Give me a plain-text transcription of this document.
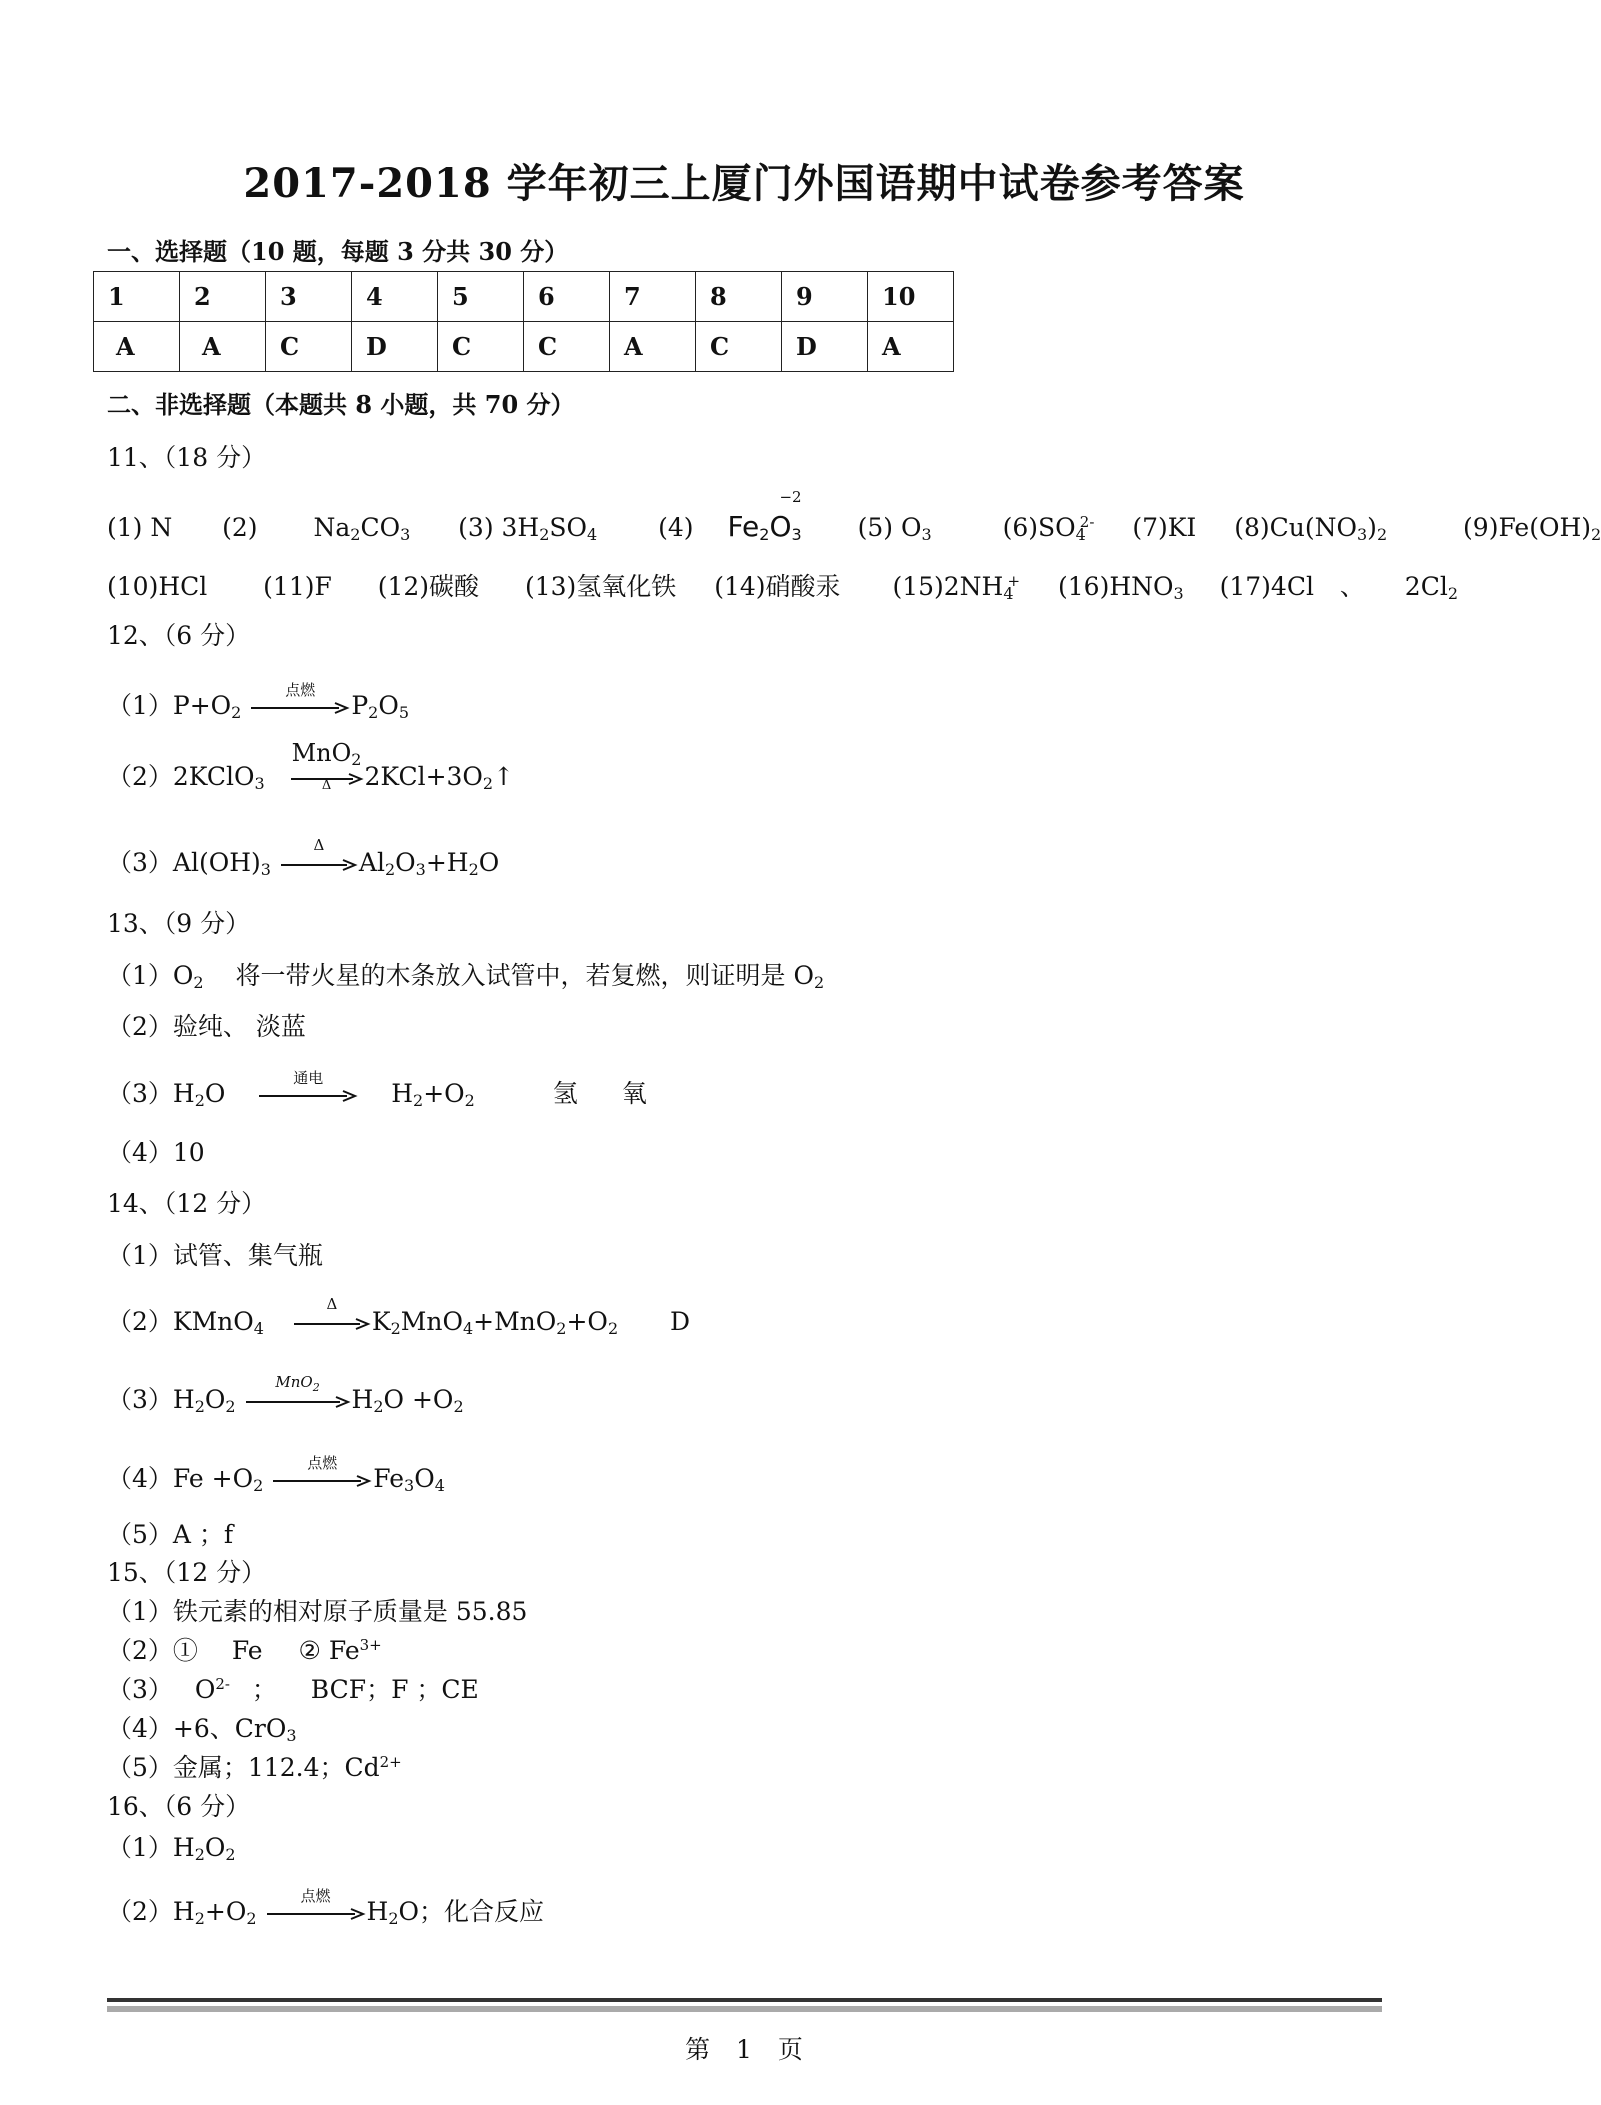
2017-2018 学年初三上厦门外国语期中试卷参考答案
一、选择题（10 题，每题 3 分共 30 分）
1	2	3	4	5	6	7	8	9	10
A	A	C	D	C	C	A	C	D	A
二、非选择题（本题共 8 小题，共 70 分）
11、（18 分）
(1) N (2) $Na_2CO_3$ (3) $3H_2SO_4$ (4) $Fe_2O_3$
−2
(5) $O_3$	$(6)SO_4^{2-}$ (7)KI $(8)Cu(NO_3)_2$	$(9)Fe(OH)_2$
(10)HCl (11)F (12)碳酸 (13)氢氧化铁 (14)硝酸汞 $(15)2NH_4^+$ $(16)HNO_3$ (17)4Cl 、 $2Cl_2$
12、（6 分）
$(1)P+O_2$
点燃
$P_2O_5$
（2）2KClO$_3$
MnO$_2$
Δ	$2KCl+3O_2↑$
$(3)Al(OH)_3$
Δ
$Al_2O_3+H_2O$
13、（9 分）
$(1)O_2$ 将一带火星的木条放入试管中，若复燃，则证明是 $O_2$
（2）验纯、 淡蓝
$(3)H_2O$
通电
$H_2+O_2$	氢 氧
（4）10
14、（12 分）
（1）试管、集气瓶
（2）KMnO$_4$
Δ
$K_2MnO_4+MnO_2+O_2$ D
$(3)H_2O_2$
MnO$_2$	$H_2O +O_2$
$(4)Fe +O_2$
点燃
$Fe_3O_4$
（5）A ；f
15、（12 分）
（1）铁元素的相对原子质量是 55.85
（2）① Fe ② $Fe^{3+}$
（3） $O^{2-}$ ； BCF；F ；CE
（4）+6、CrO$_3$
（5）金属；112.4；$Cd^{2+}$
16、（6 分）
$(1)H_2O_2$
$(2)H_2+O_2$
点燃
$H_2O$；化合反应
第 1 页
